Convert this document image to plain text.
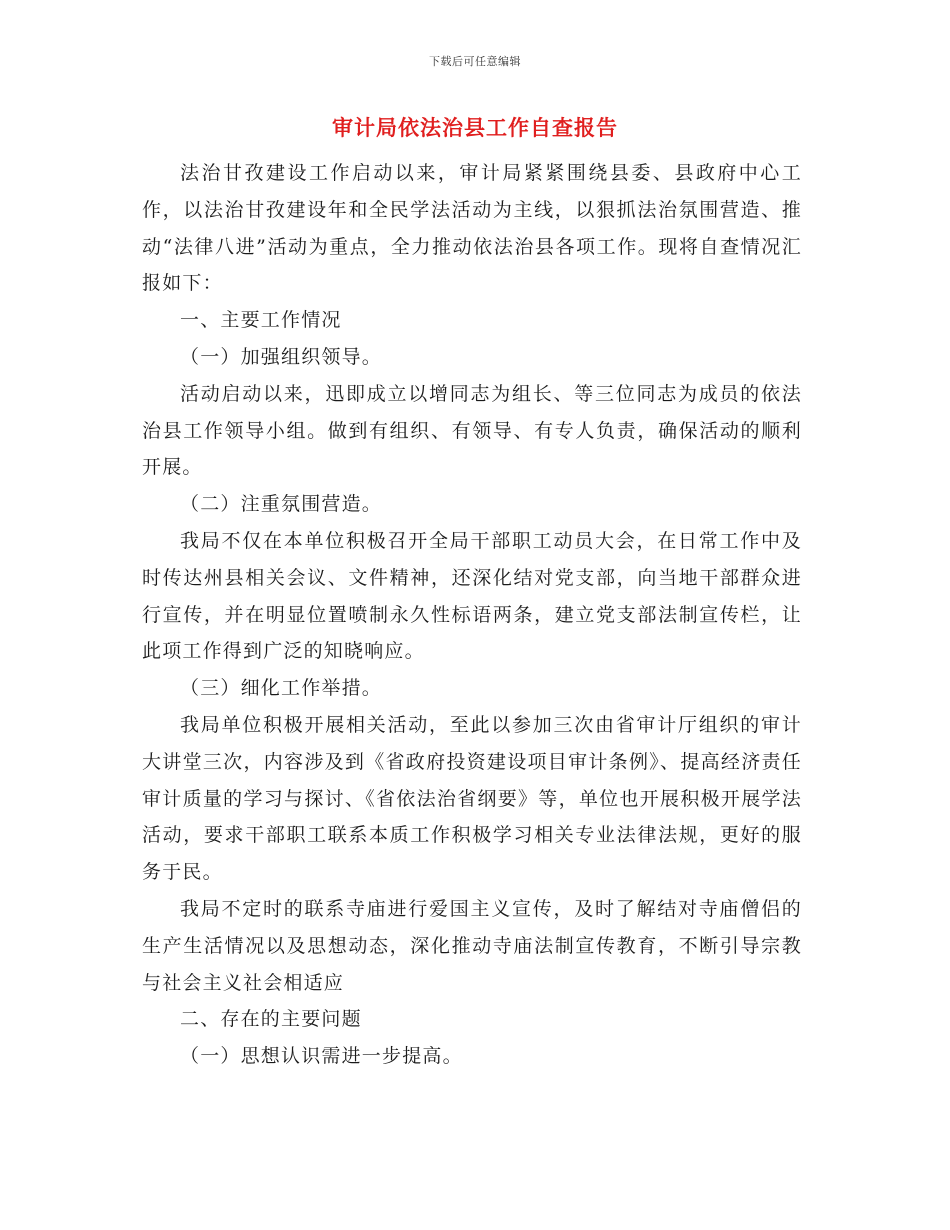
下载后可任意编辑
审计局依法治县工作自查报告

法治甘孜建设工作启动以来，审计局紧紧围绕县委、县政府中心工作，以法治甘孜建设年和全民学法活动为主线，以狠抓法治氛围营造、推动“法律八进”活动为重点，全力推动依法治县各项工作。现将自查情况汇报如下：

一、主要工作情况

（一）加强组织领导。

活动启动以来，迅即成立以增同志为组长、等三位同志为成员的依法治县工作领导小组。做到有组织、有领导、有专人负责，确保活动的顺利开展。

（二）注重氛围营造。

我局不仅在本单位积极召开全局干部职工动员大会，在日常工作中及时传达州县相关会议、文件精神，还深化结对党支部，向当地干部群众进行宣传，并在明显位置喷制永久性标语两条，建立党支部法制宣传栏，让此项工作得到广泛的知晓响应。

（三）细化工作举措。

我局单位积极开展相关活动，至此以参加三次由省审计厅组织的审计大讲堂三次，内容涉及到《省政府投资建设项目审计条例》、提高经济责任审计质量的学习与探讨、《省依法治省纲要》等，单位也开展积极开展学法活动，要求干部职工联系本质工作积极学习相关专业法律法规，更好的服务于民。

我局不定时的联系寺庙进行爱国主义宣传，及时了解结对寺庙僧侣的生产生活情况以及思想动态，深化推动寺庙法制宣传教育，不断引导宗教与社会主义社会相适应

二、存在的主要问题

（一）思想认识需进一步提高。
